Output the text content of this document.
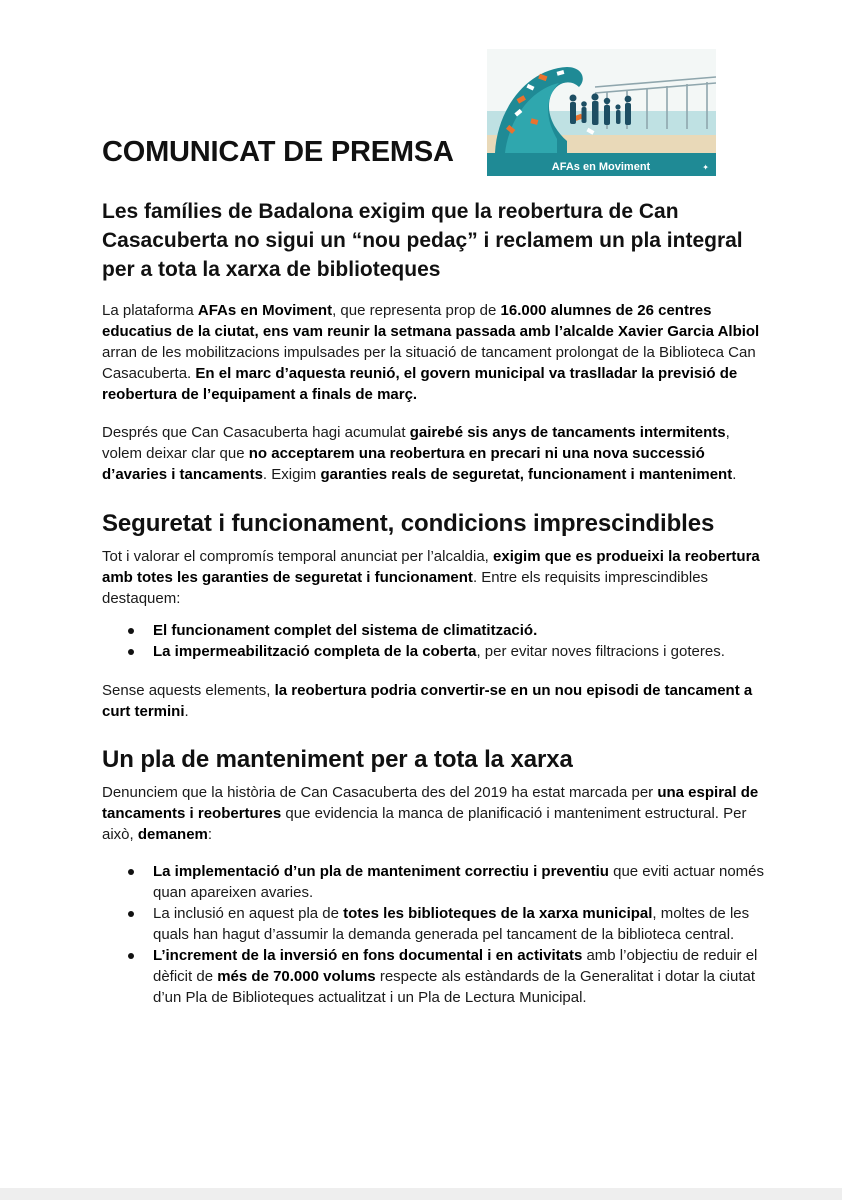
AFAs en Moviment	✦
COMUNICAT DE PREMSA
Les famílies de Badalona exigim que la reobertura de Can Casacuberta no sigui un “nou pedaç” i reclamem un pla integral per a tota la xarxa de biblioteques

La plataforma AFAs en Moviment, que representa prop de 16.000 alumnes de 26 centres educatius de la ciutat, ens vam reunir la setmana passada amb l’alcalde Xavier Garcia Albiol arran de les mobilitzacions impulsades per la situació de tancament prolongat de la Biblioteca Can Casacuberta. En el marc d’aquesta reunió, el govern municipal va traslladar la previsió de reobertura de l’equipament a finals de març.

Després que Can Casacuberta hagi acumulat gairebé sis anys de tancaments intermitents, volem deixar clar que no acceptarem una reobertura en precari ni una nova successió d’avaries i tancaments. Exigim garanties reals de seguretat, funcionament i manteniment.

Seguretat i funcionament, condicions imprescindibles

Tot i valorar el compromís temporal anunciat per l’alcaldia, exigim que es produeixi la reobertura amb totes les garanties de seguretat i funcionament. Entre els requisits imprescindibles destaquem:

El funcionament complet del sistema de climatització.
La impermeabilització completa de la coberta, per evitar noves filtracions i goteres.

Sense aquests elements, la reobertura podria convertir-se en un nou episodi de tancament a curt termini.

Un pla de manteniment per a tota la xarxa

Denunciem que la història de Can Casacuberta des del 2019 ha estat marcada per una espiral de tancaments i reobertures que evidencia la manca de planificació i manteniment estructural. Per això, demanem:

La implementació d’un pla de manteniment correctiu i preventiu que eviti actuar només quan apareixen avaries.
La inclusió en aquest pla de totes les biblioteques de la xarxa municipal, moltes de les quals han hagut d’assumir la demanda generada pel tancament de la biblioteca central.
L’increment de la inversió en fons documental i en activitats amb l’objectiu de reduir el dèficit de més de 70.000 volums respecte als estàndards de la Generalitat i dotar la ciutat d’un Pla de Biblioteques actualitzat i un Pla de Lectura Municipal.
